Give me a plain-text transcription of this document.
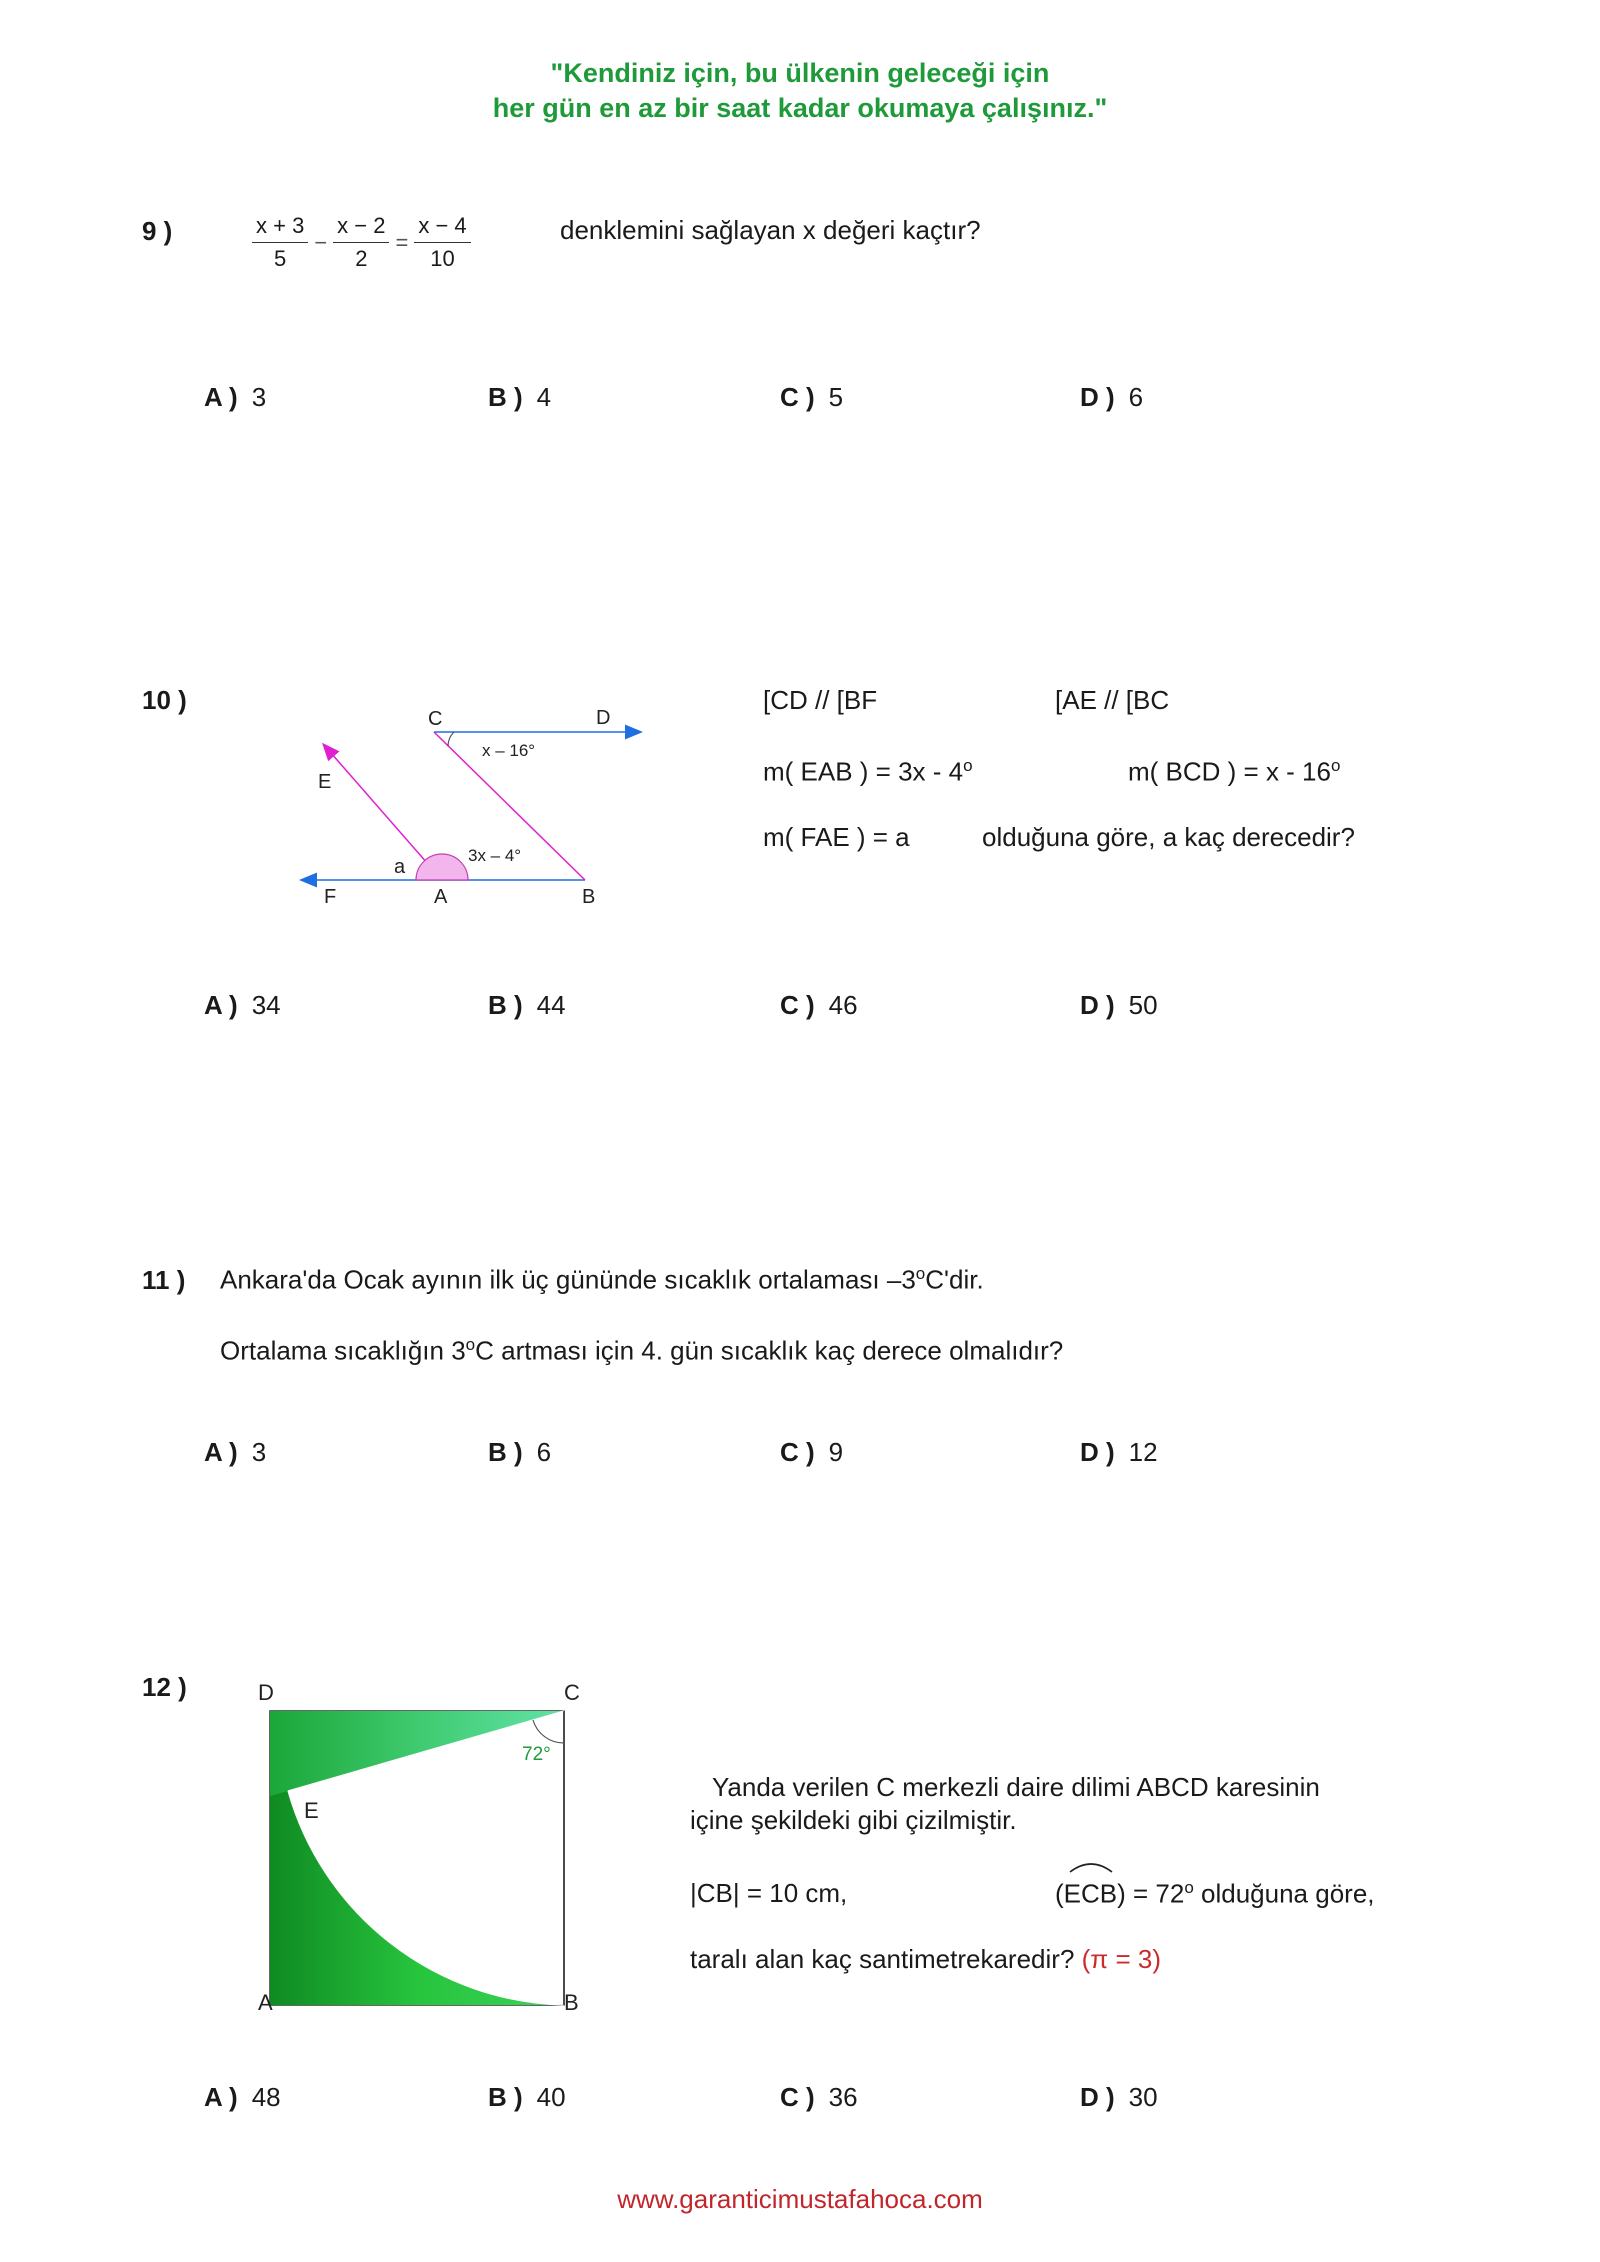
"Kendiniz için, bu ülkenin geleceği için
her gün en az bir saat kadar okumaya çalışınız."
9 )	$\frac{x + 3}{5} - \frac{x - 2}{2} = \frac{x - 4}{10}$	denklemini sağlayan x değeri kaçtır?
A ) 3	B ) 4	C ) 5	D ) 6
10 )
C	D
E
F	A	B
a
x – 16°
3x – 4°
[CD // [BF	[AE // [BC
m( EAB ) = 3x - 4$^o$	m( BCD ) = x - 16$^o$
m( FAE ) = a	olduğuna göre, a kaç derecedir?
A ) 34	B ) 44	C ) 46	D ) 50
11 ) Ankara'da Ocak ayının ilk üç gününde sıcaklık ortalaması –3$^o$C'dir.
Ortalama sıcaklığın 3$^o$C artması için 4. gün sıcaklık kaç derece olmalıdır?
A ) 3	B ) 6	C ) 9	D ) 12
12 )
72°
D	C
E
A	B
Yanda verilen C merkezli daire dilimi ABCD karesinin
içine şekildeki gibi çizilmiştir.
|CB| = 10 cm,	$(ECB) = 72^o$ olduğuna göre,
taralı alan kaç santimetrekaredir? (π = 3)
A ) 48	B ) 40	C ) 36	D ) 30
www.garanticimustafahoca.com
